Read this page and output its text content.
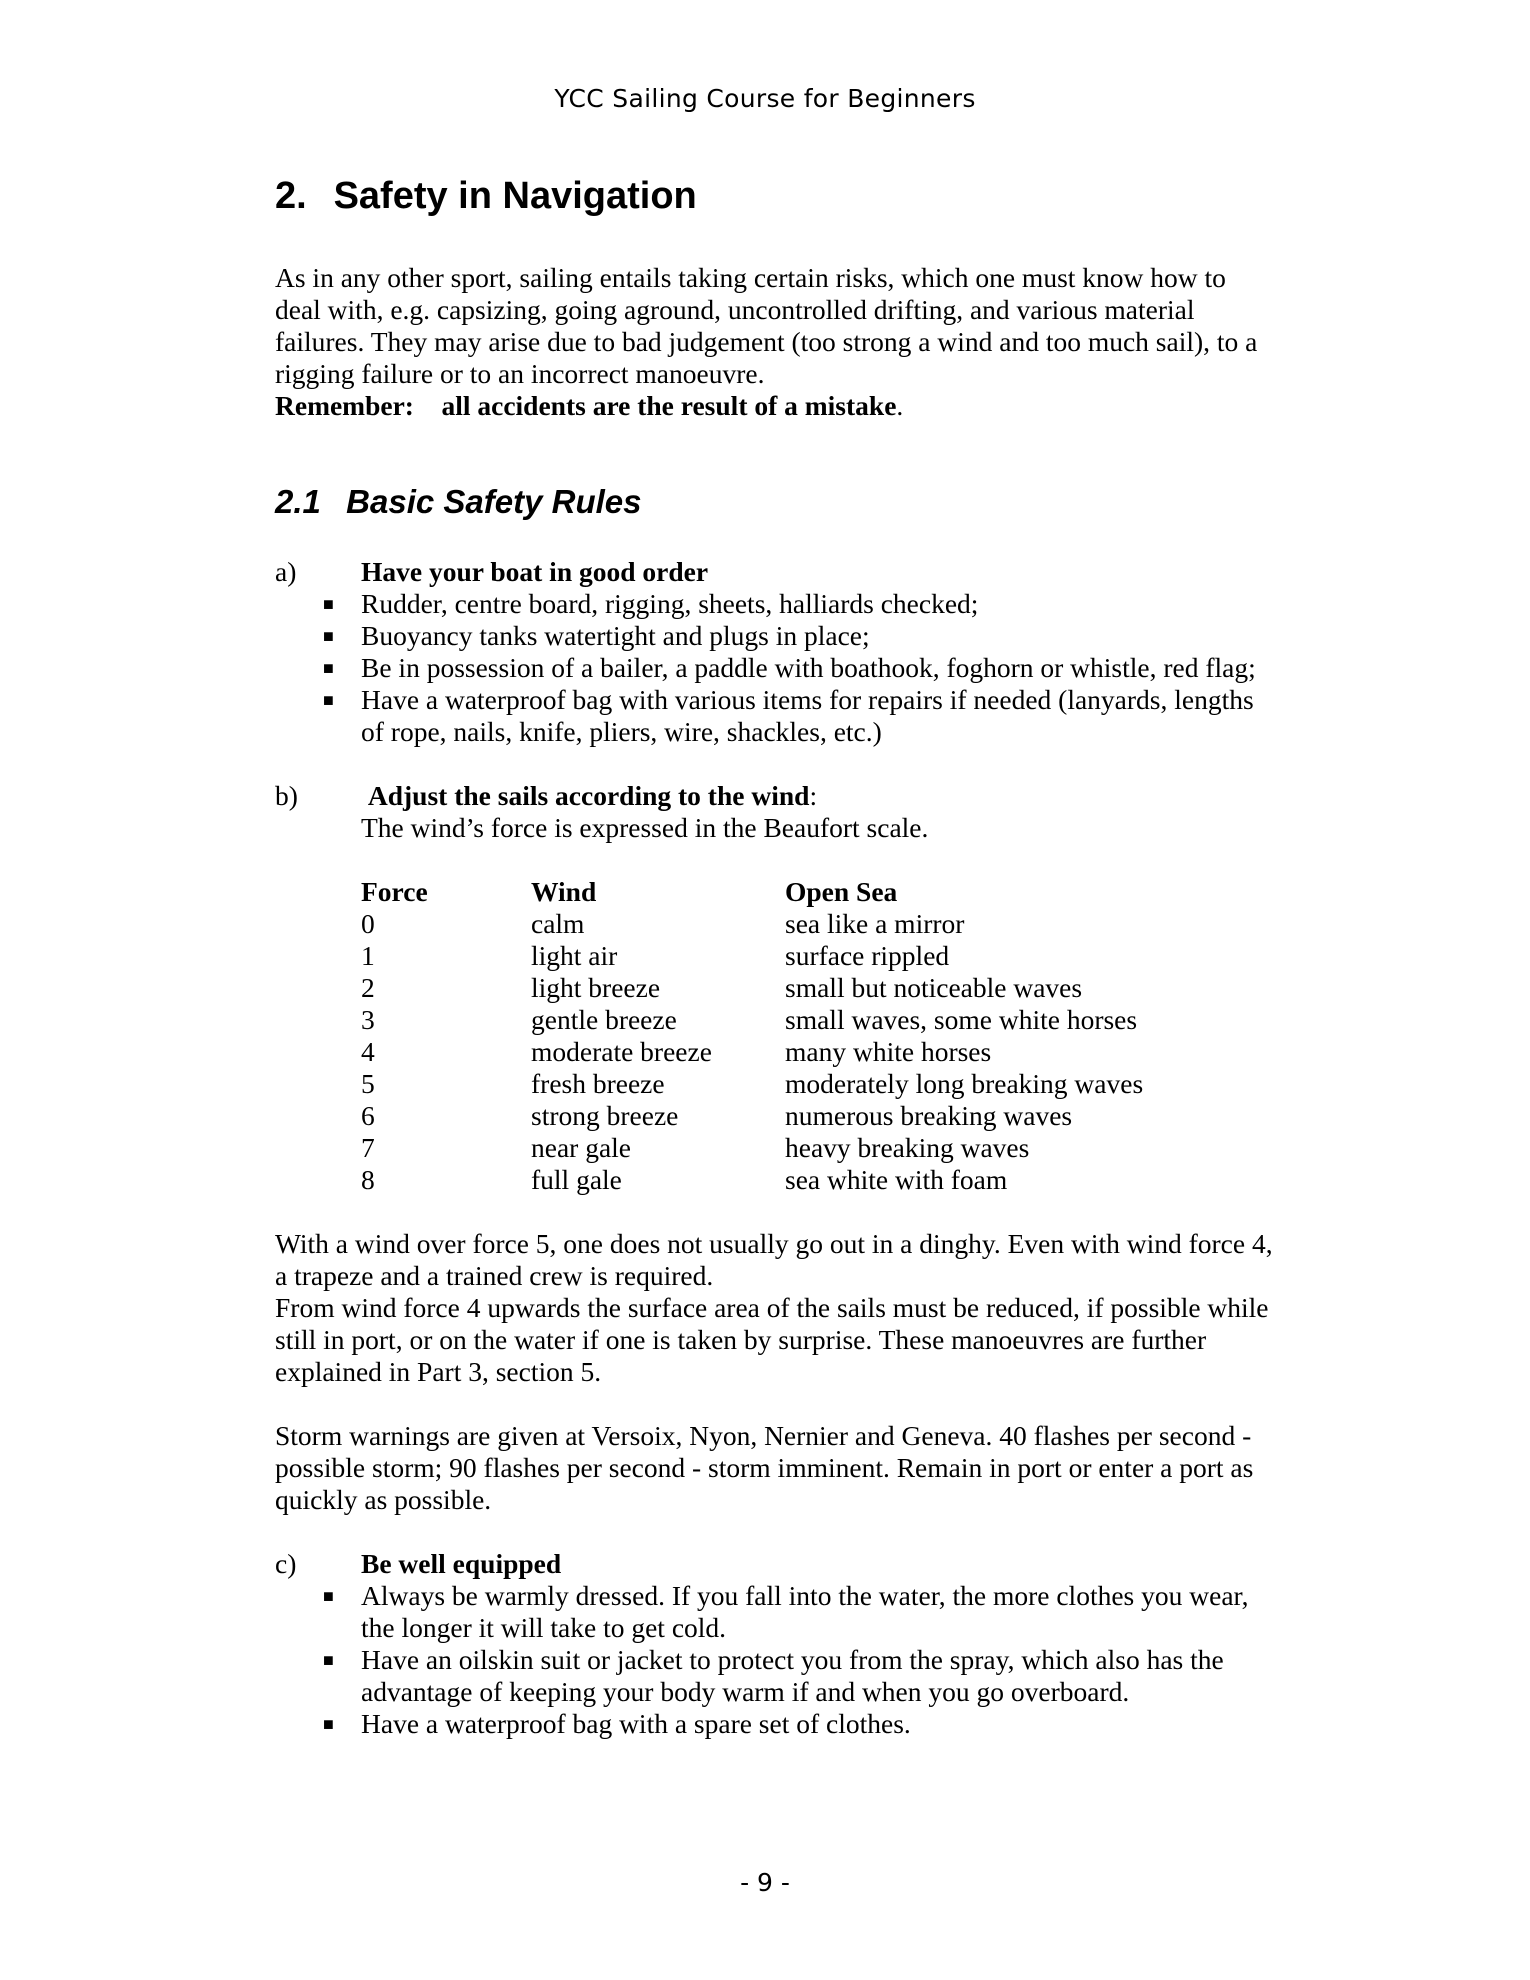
YCC Sailing Course for Beginners
2. Safety in Navigation

As in any other sport, sailing entails taking certain risks, which one must know how to deal with, e.g. capsizing, going aground, uncontrolled drifting, and various material failures. They may arise due to bad judgement (too strong a wind and too much sail), to a rigging failure or to an incorrect manoeuvre.
Remember: all accidents are the result of a mistake.

2.1 Basic Safety Rules
a) Have your boat in good order
■ Rudder, centre board, rigging, sheets, halliards checked;
■ Buoyancy tanks watertight and plugs in place;
■ Be in possession of a bailer, a paddle with boathook, foghorn or whistle, red flag;
■ Have a waterproof bag with various items for repairs if needed (lanyards, lengths of rope, nails, knife, pliers, wire, shackles, etc.)
b)	Adjust the sails according to the wind:
The wind’s force is expressed in the Beaufort scale.
Force	Wind	Open Sea
0	calm	sea like a mirror
1	light air	surface rippled
2	light breeze	small but noticeable waves
3	gentle breeze	small waves, some white horses
4	moderate breeze	many white horses
5	fresh breeze	moderately long breaking waves
6	strong breeze	numerous breaking waves
7	near gale	heavy breaking waves
8	full gale	sea white with foam

With a wind over force 5, one does not usually go out in a dinghy. Even with wind force 4, a trapeze and a trained crew is required.
From wind force 4 upwards the surface area of the sails must be reduced, if possible while still in port, or on the water if one is taken by surprise. These manoeuvres are further explained in Part 3, section 5.

Storm warnings are given at Versoix, Nyon, Nernier and Geneva. 40 flashes per second - possible storm; 90 flashes per second - storm imminent. Remain in port or enter a port as quickly as possible.

c) Be well equipped
■ Always be warmly dressed. If you fall into the water, the more clothes you wear, the longer it will take to get cold.
■ Have an oilskin suit or jacket to protect you from the spray, which also has the advantage of keeping your body warm if and when you go overboard.
■ Have a waterproof bag with a spare set of clothes.
- 9 -
